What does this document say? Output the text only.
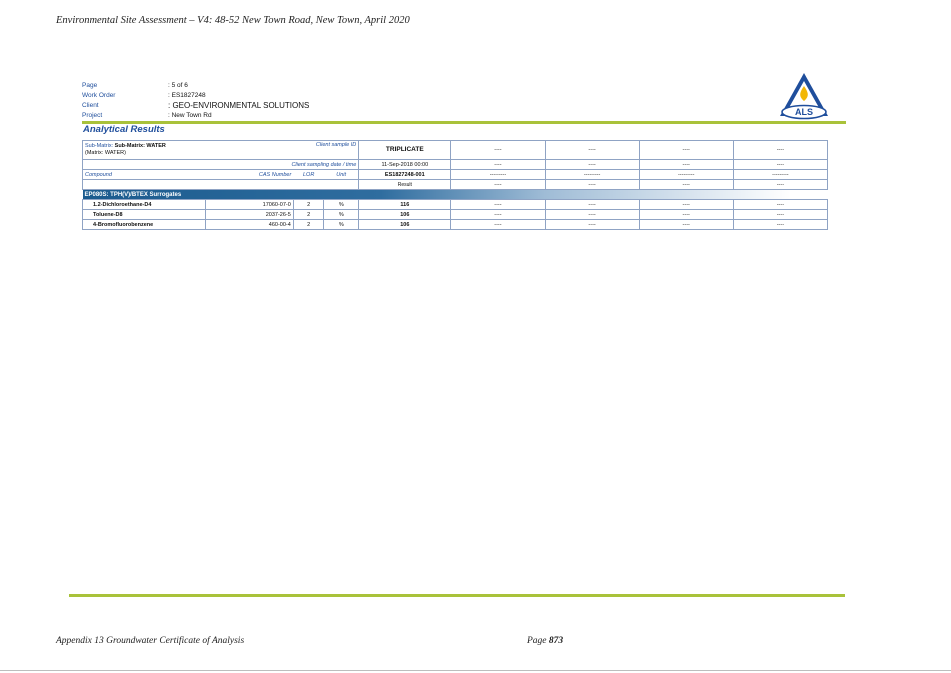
Environmental Site Assessment – V4: 48-52 New Town Road, New Town, April 2020
Page	: 5 of 6
Work Order	: ES1827248
Client	: GEO-ENVIRONMENTAL SOLUTIONS
Project	: New Town Rd	ALS
Analytical Results
Sub-Matrix: Sub-Matrix: WATER
(Matrix: WATER)	Client sample ID			TRIPLICATE	----	----	----	----
Client sampling date / time				11-Sep-2018 00:00	----	----	----	----
Compound	CAS Number	LOR	Unit	ES1827248-001	---------	---------	---------	---------
				Result	----	----	----	----
EP080S: TPH(V)/BTEX Surrogates								
1.2-Dichloroethane-D4	17060-07-0	2	%	116	----	----	----	----
Toluene-D8	2037-26-5	2	%	106	----	----	----	----
4-Bromofluorobenzene	460-00-4	2	%	106	----	----	----	----
Appendix 13 Groundwater Certificate of Analysis	Page 873
